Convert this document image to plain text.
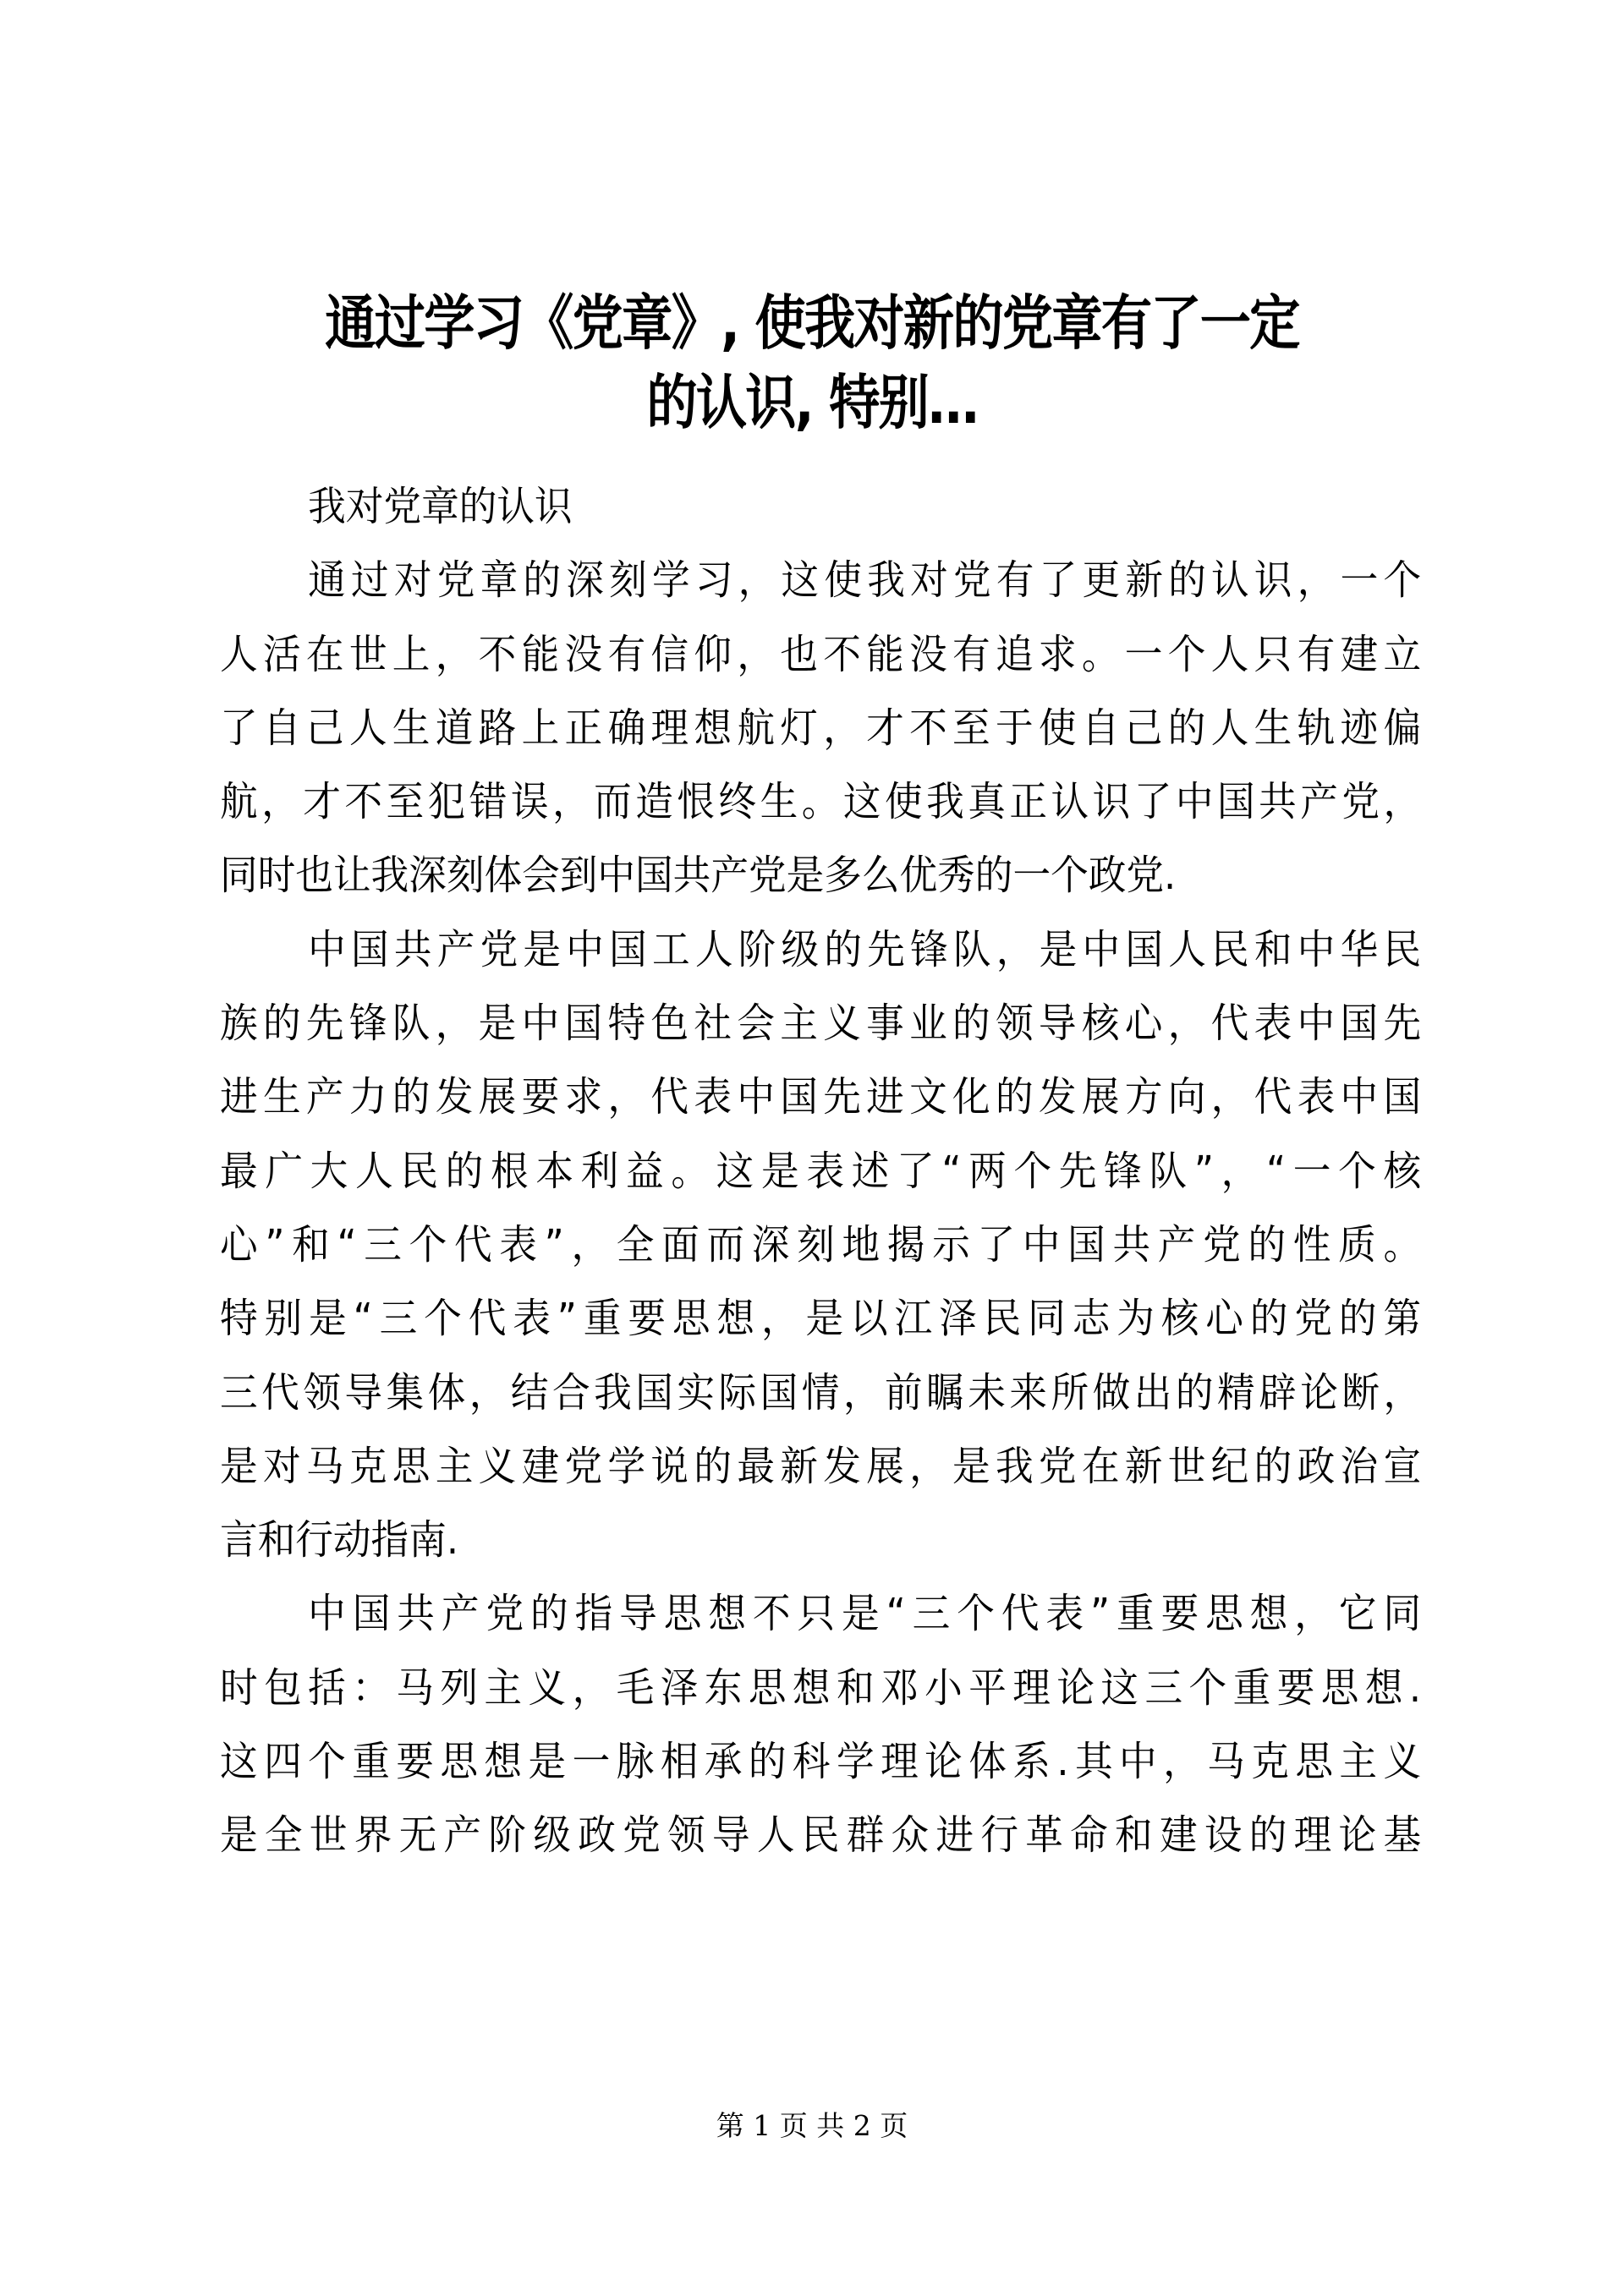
通过学习《党章》, 使我对新的党章有了一定
的认识, 特别…
我对党章的认识
通过对党章的深刻学习，这使我对党有了更新的认识，一个
人活在世上，不能没有信仰，也不能没有追求。一个人只有建立
了自己人生道路上正确理想航灯，才不至于使自己的人生轨迹偏
航，才不至犯错误，而造恨终生。这使我真正认识了中国共产党，
同时也让我深刻体会到中国共产党是多么优秀的一个政党.
中国共产党是中国工人阶级的先锋队，是中国人民和中华民
族的先锋队，是中国特色社会主义事业的领导核心，代表中国先
进生产力的发展要求，代表中国先进文化的发展方向，代表中国
最广大人民的根本利益。这是表述了“两个先锋队”，“一个核
心”和“三个代表”，全面而深刻地揭示了中国共产党的性质。
特别是“三个代表”重要思想，是以江泽民同志为核心的党的第
三代领导集体，结合我国实际国情，前瞩未来所做出的精辟论断，
是对马克思主义建党学说的最新发展，是我党在新世纪的政治宣
言和行动指南.
中国共产党的指导思想不只是“三个代表”重要思想，它同
时包括：马列主义，毛泽东思想和邓小平理论这三个重要思想.
这四个重要思想是一脉相承的科学理论体系.其中，马克思主义
是全世界无产阶级政党领导人民群众进行革命和建设的理论基
第 1 页 共 2 页
